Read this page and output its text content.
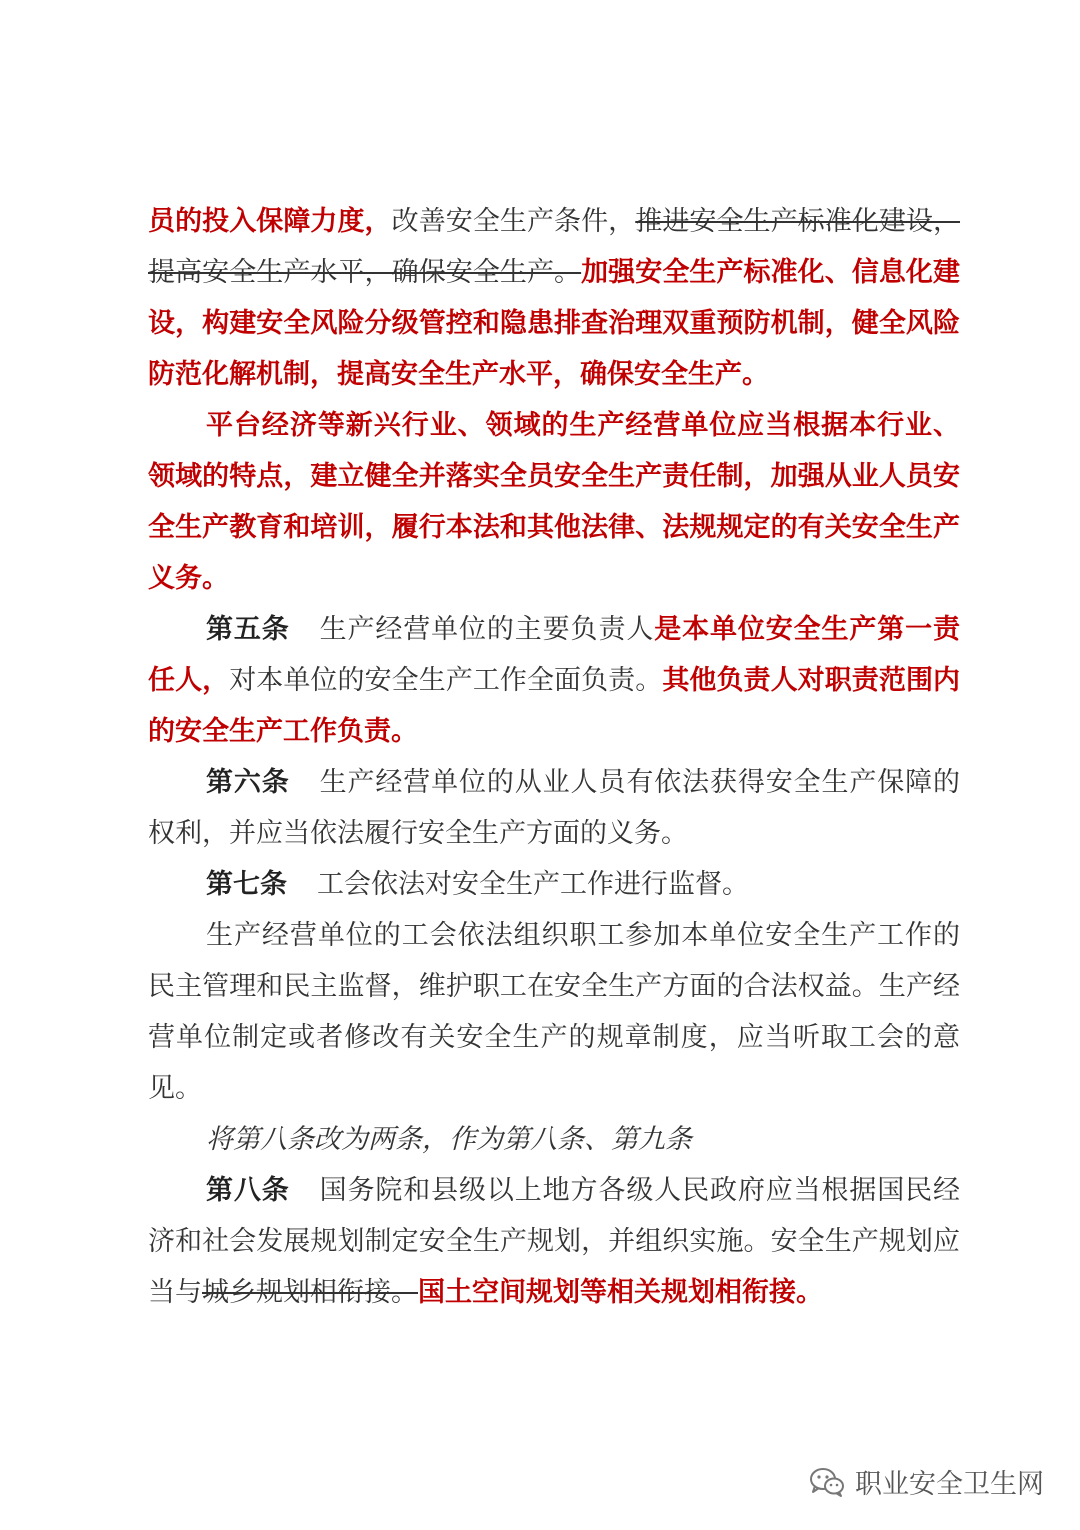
员的投入保障力度，改善安全生产条件，推进安全生产标准化建设，提高安全生产水平，确保安全生产。加强安全生产标准化、信息化建设，构建安全风险分级管控和隐患排查治理双重预防机制，健全风险防范化解机制，提高安全生产水平，确保安全生产。

平台经济等新兴行业、领域的生产经营单位应当根据本行业、领域的特点，建立健全并落实全员安全生产责任制，加强从业人员安全生产教育和培训，履行本法和其他法律、法规规定的有关安全生产义务。

第五条 生产经营单位的主要负责人是本单位安全生产第一责任人，对本单位的安全生产工作全面负责。其他负责人对职责范围内的安全生产工作负责。

第六条 生产经营单位的从业人员有依法获得安全生产保障的权利，并应当依法履行安全生产方面的义务。

第七条 工会依法对安全生产工作进行监督。

生产经营单位的工会依法组织职工参加本单位安全生产工作的民主管理和民主监督，维护职工在安全生产方面的合法权益。生产经营单位制定或者修改有关安全生产的规章制度，应当听取工会的意见。

将第八条改为两条，作为第八条、第九条

第八条 国务院和县级以上地方各级人民政府应当根据国民经济和社会发展规划制定安全生产规划，并组织实施。安全生产规划应当与城乡规划相衔接。国土空间规划等相关规划相衔接。

职业安全卫生网
